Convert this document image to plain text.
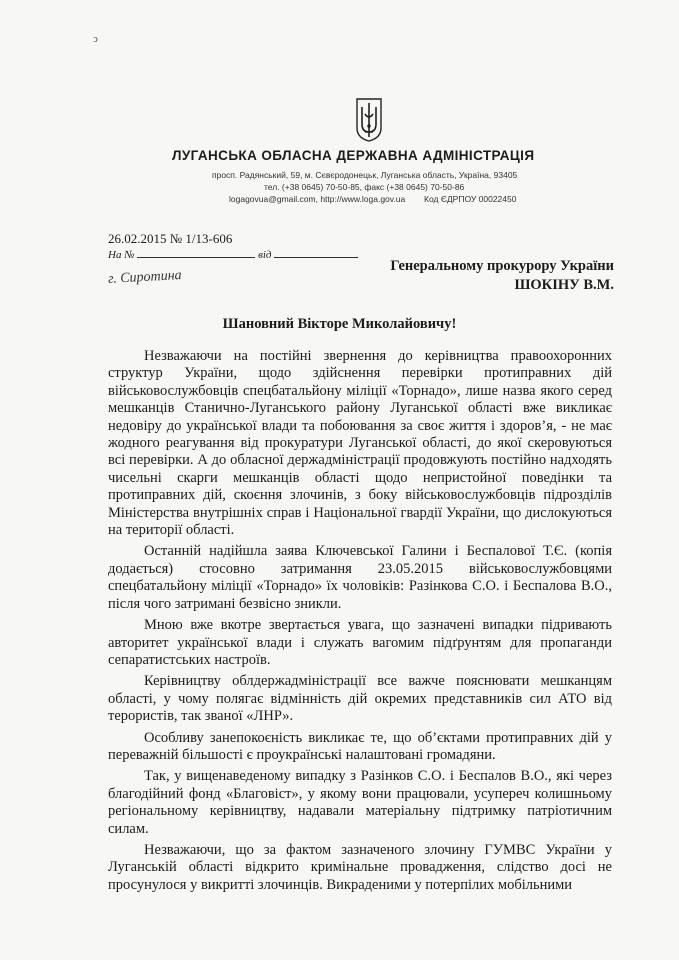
ͻ
ЛУГАНСЬКА ОБЛАСНА ДЕРЖАВНА АДМІНІСТРАЦІЯ
просп. Радянський, 59, м. Сєвєродонецьк, Луганська область, Україна, 93405
тел. (+38 0645) 70-50-85, факс (+38 0645) 70-50-86
logagovua@gmail.com, http://www.loga.gov.ua Код ЄДРПОУ 00022450
26.02.2015 № 1/13-606
На №	від
г. Сиротина
Генеральному прокурору України
ШОКІНУ В.М.
Шановний Вікторе Миколайовичу!

Незважаючи на постійні звернення до керівництва правоохоронних структур України, щодо здійснення перевірки протиправних дій військовослужбовців спецбатальйону міліції «Торнадо», лише назва якого серед мешканців Станично-Луганського району Луганської області вже викликає недовіру до української влади та побоювання за своє життя і здоров’я, - не має жодного реагування від прокуратури Луганської області, до якої скеровуються всі перевірки. А до обласної держадміністрації продовжують постійно надходять чисельні скарги мешканців області щодо непристойної поведінки та протиправних дій, скоєння злочинів, з боку військовослужбовців підрозділів Міністерства внутрішніх справ і Національної гвардії України, що дислокуються на території області.

Останній надійшла заява Ключевської Галини і Беспалової Т.Є. (копія додається) стосовно затримання 23.05.2015 військовослужбовцями спецбатальйону міліції «Торнадо» їх чоловіків: Разінкова С.О. і Беспалова В.О., після чого затримані безвісно зникли.

Мною вже вкотре звертається увага, що зазначені випадки підривають авторитет української влади і служать вагомим підґрунтям для пропаганди сепаратистських настроїв.

Керівництву облдержадміністрації все важче пояснювати мешканцям області, у чому полягає відмінність дій окремих представників сил АТО від терористів, так званої «ЛНР».

Особливу занепокоєність викликає те, що об’єктами протиправних дій у переважній більшості є проукраїнські налаштовані громадяни.

Так, у вищенаведеному випадку з Разінков С.О. і Беспалов В.О., які через благодійний фонд «Благовіст», у якому вони працювали, усупереч колишньому регіональному керівництву, надавали матеріальну підтримку патріотичним силам.

Незважаючи, що за фактом зазначеного злочину ГУМВС України у Луганській області відкрито кримінальне провадження, слідство досі не просунулося у викритті злочинців. Викраденими у потерпілих мобільними
